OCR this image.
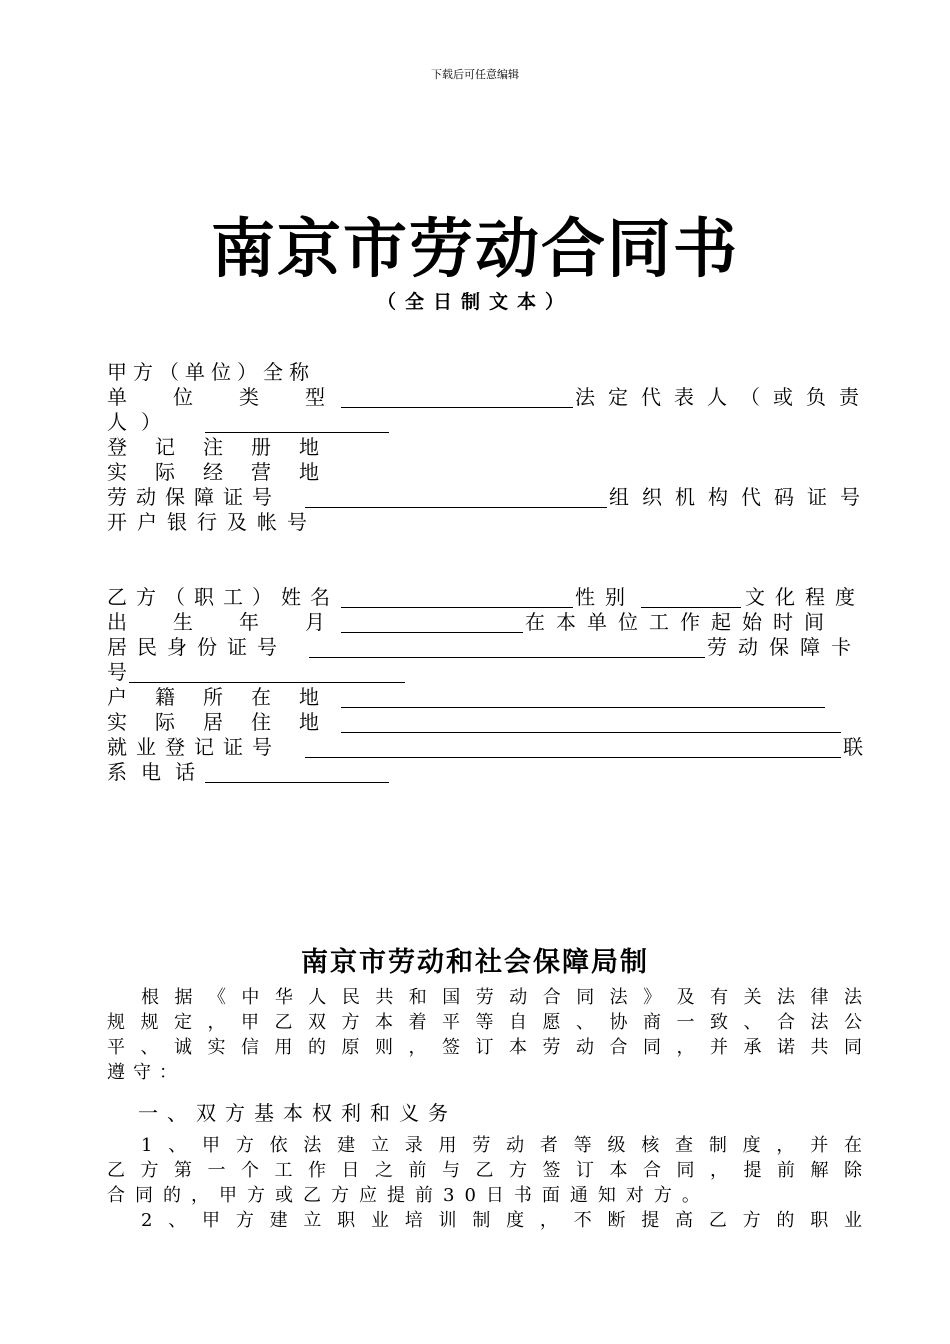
下载后可任意编辑
南京市劳动合同书
（全日制文本）
甲方（单位）全称
单位类型	法定代表人（或负责
人）
登记注册地
实际经营地
劳动保障证号	组织机构代码证号
开户银行及帐号
乙方（职工）姓名	性别	文化程度
出生年月	在本单位工作起始时间
居民身份证号	劳动保障卡
号
户籍所在地
实际居住地
就业登记证号	联
系电话
南京市劳动和社会保障局制
根据《中华人民共和国劳动合同法》及有关法律法
规规定，甲乙双方本着平等自愿、协商一致、合法公
平、诚实信用的原则，签订本劳动合同，并承诺共同
遵守：
一、双方基本权利和义务
1、甲方依法建立录用劳动者等级核查制度，并在
乙方第一个工作日之前与乙方签订本合同，提前解除
合同的，甲方或乙方应提前30日书面通知对方。
2、甲方建立职业培训制度，不断提高乙方的职业
